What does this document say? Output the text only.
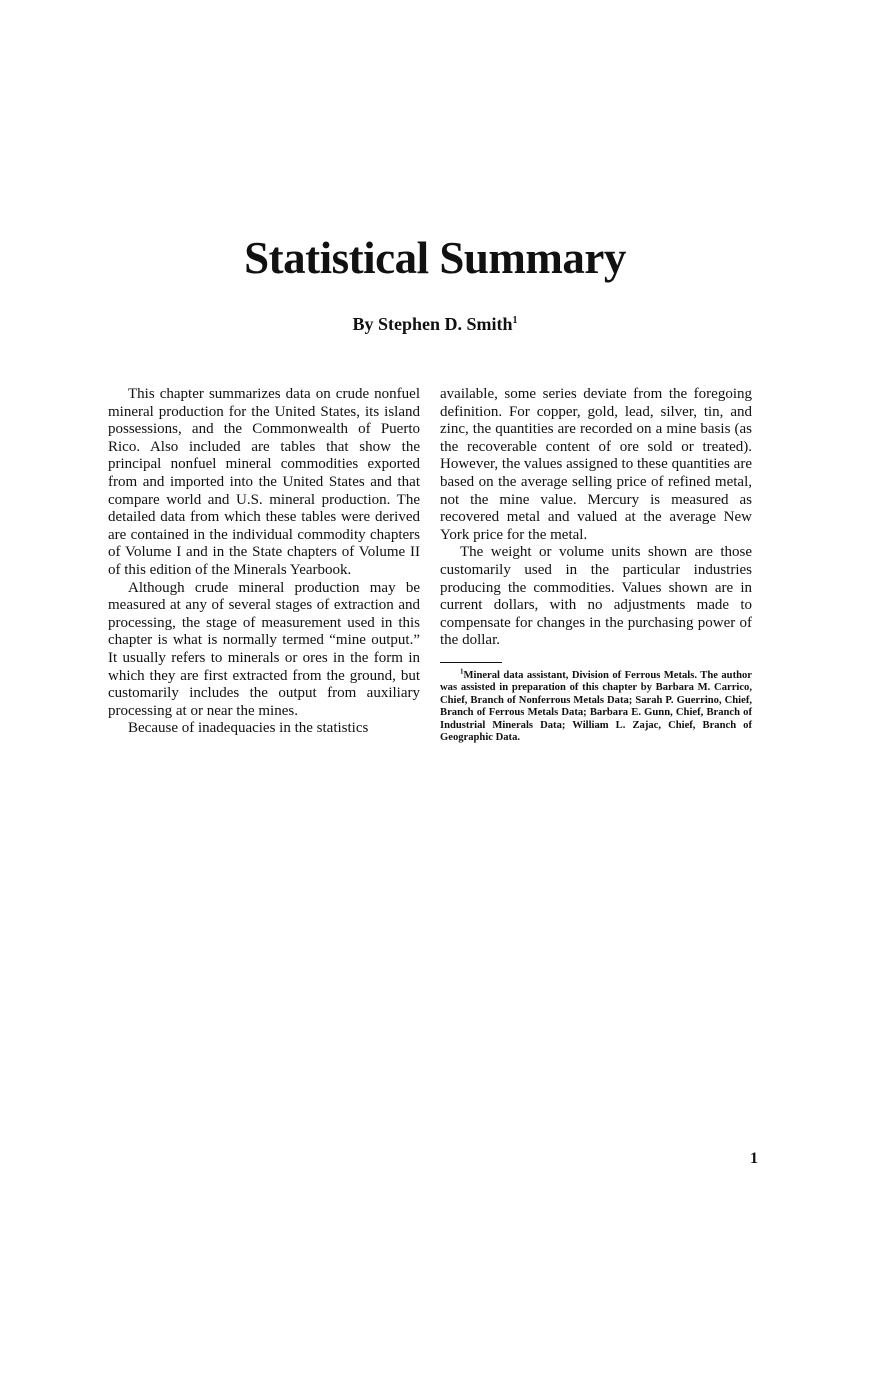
Statistical Summary
By Stephen D. Smith$^1$

This chapter summarizes data on crude nonfuel mineral production for the United States, its island possessions, and the Commonwealth of Puerto Rico. Also included are tables that show the principal nonfuel mineral commodities exported from and imported into the United States and that compare world and U.S. mineral production. The detailed data from which these tables were derived are contained in the individual commodity chapters of Volume I and in the State chapters of Volume II of this edition of the Minerals Yearbook.

Although crude mineral production may be measured at any of several stages of extraction and processing, the stage of measurement used in this chapter is what is normally termed “mine output.” It usually refers to minerals or ores in the form in which they are first extracted from the ground, but customarily includes the output from auxiliary processing at or near the mines.

Because of inadequacies in the statistics

available, some series deviate from the foregoing definition. For copper, gold, lead, silver, tin, and zinc, the quantities are recorded on a mine basis (as the recoverable content of ore sold or treated). However, the values assigned to these quantities are based on the average selling price of refined metal, not the mine value. Mercury is measured as recovered metal and valued at the average New York price for the metal.

The weight or volume units shown are those customarily used in the particular industries producing the commodities. Values shown are in current dollars, with no adjustments made to compensate for changes in the purchasing power of the dollar.

$^1$Mineral data assistant, Division of Ferrous Metals. The author was assisted in preparation of this chapter by Barbara M. Carrico, Chief, Branch of Nonferrous Metals Data; Sarah P. Guerrino, Chief, Branch of Ferrous Metals Data; Barbara E. Gunn, Chief, Branch of Industrial Minerals Data; William L. Zajac, Chief, Branch of Geographic Data.

1
